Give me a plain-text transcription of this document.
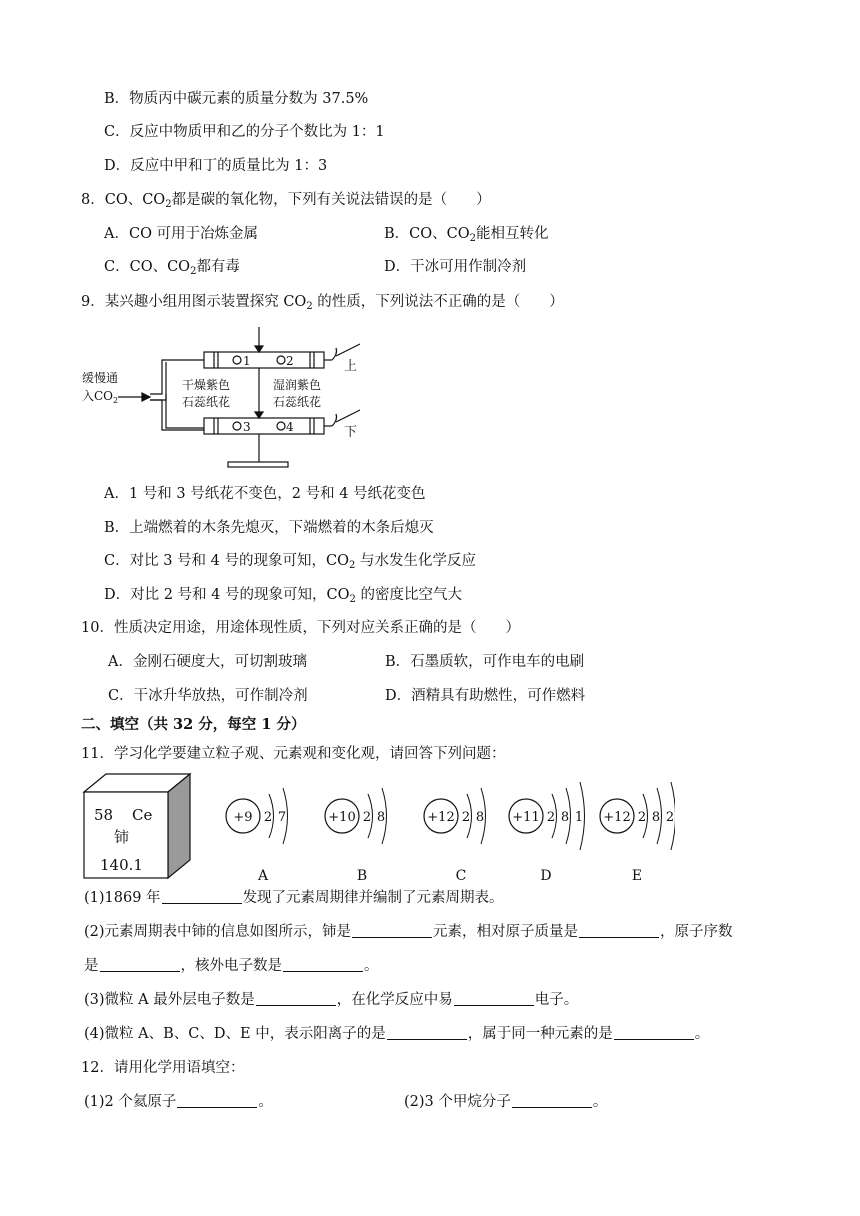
B．物质丙中碳元素的质量分数为 37.5%
C．反应中物质甲和乙的分子个数比为 1：1
D．反应中甲和丁的质量比为 1：3
8．CO、$CO_2$都是碳的氧化物，下列有关说法错误的是（　　）
A．CO 可用于冶炼金属	B．CO、$CO_2$能相互转化
C．CO、$CO_2$都有毒	D．干冰可用作制冷剂
9．某兴趣小组用图示装置探究 $CO_2$ 的性质，下列说法不正确的是（　　）
缓慢通
入$CO_2$
干燥紫色
石蕊纸花
湿润紫色
石蕊纸花
上
下
1	2
3	4
A．1 号和 3 号纸花不变色，2 号和 4 号纸花变色
B．上端燃着的木条先熄灭，下端燃着的木条后熄灭
C．对比 3 号和 4 号的现象可知，$CO_2$ 与水发生化学反应
D．对比 2 号和 4 号的现象可知，$CO_2$ 的密度比空气大
10．性质决定用途，用途体现性质，下列对应关系正确的是（　　）
A．金刚石硬度大，可切割玻璃	B．石墨质软，可作电车的电刷
C．干冰升华放热，可作制冷剂	D．酒精具有助燃性，可作燃料
二、填空（共 32 分，每空 1 分）
11．学习化学要建立粒子观、元素观和变化观，请回答下列问题：
58 Ce
铈
140.1
+9 2 7
A
+10 2 8
B
+12 2 8
C
+11 2 8 1
D
+12 2 8 2
E
(1)1869 年	发现了元素周期律并编制了元素周期表。
(2)元素周期表中铈的信息如图所示，铈是	元素，相对原子质量是	，原子序数
是	，核外电子数是	。
(3)微粒 A 最外层电子数是	，在化学反应中易	电子。
(4)微粒 A、B、C、D、E 中，表示阳离子的是	，属于同一种元素的是	。
12．请用化学用语填空：
(1)2 个氦原子	。	(2)3 个甲烷分子	。
